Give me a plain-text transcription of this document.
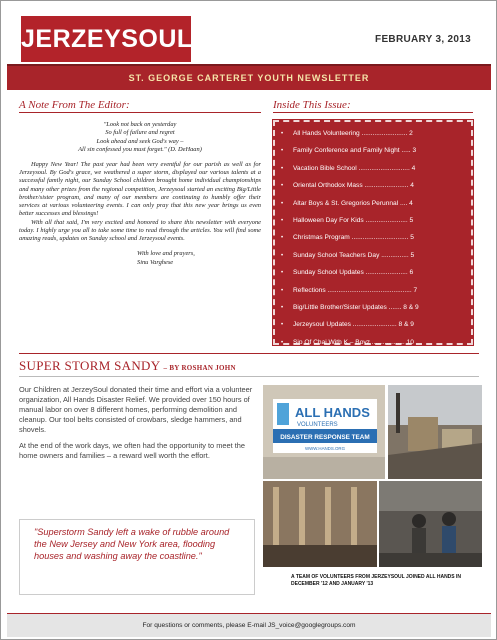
JERZEYSOUL	FEBRUARY 3, 2013
ST. GEORGE CARTERET YOUTH NEWSLETTER
A Note From The Editor:
"Look not back on yesterday
So full of failure and regret
Look ahead and seek God's way –
All sin confessed you must forget." (D. DeHaan)

Happy New Year! The past year had been very eventful for our parish as well as for Jerzeysoul. By God's grace, we weathered a super storm, displayed our various talents at a successful family night, our Sunday School children brought home individual championships and many other prizes from the regional competition, Jerzeysoul started an exciting Big/Little brother/sister program, and many of our members are continuing to humbly offer their services at various volunteering events. I can only pray that this new year brings us even better successes and blessings!

With all that said, I'm very excited and honored to share this newsletter with everyone today. I highly urge you all to take some time to read through the articles. You will find some amazing reads, updates on Sunday school and Jerzeysoul events.

With love and prayers,
Sinu Varghese
Inside This Issue:
•	All Hands Volunteering ......................... 2
•	Family Conference and Family Night ..... 3
•	Vacation Bible School ............................ 4
•	Oriental Orthodox Mass ........................ 4
•	Altar Boys & St. Gregorios Perunnal .... 4
•	Halloween Day For Kids ....................... 5
•	Christmas Program ............................... 5
•	Sunday School Teachers Day ............... 5
•	Sunday School Updates ....................... 6
•	Reflections .............................................. 7
•	Big/Little Brother/Sister Updates ....... 8 & 9
•	Jerzeysoul Updates ........................ 8 & 9
•	Sip Of Chai With K – Boyz .................. 10
SUPER STORM SANDY – BY ROSHAN JOHN

Our Children at JerzeySoul donated their time and effort via a volunteer organization, All Hands Disaster Relief. We provided over 150 hours of manual labor on over 8 different homes, performing demolition and cleanup. Our tool belts consisted of crowbars, sledge hammers, and shovels.

At the end of the work days, we often had the opportunity to meet the home owners and families – a reward well worth the effort.

"Superstorm Sandy left a wake of rubble around the New Jersey and New York area, flooding houses and washing away the coastline."
ALL HANDS
VOLUNTEERS
DISASTER RESPONSE TEAM
WWW.HANDS.ORG
A TEAM OF VOLUNTEERS FROM JERZEYSOUL JOINED ALL HANDS IN DECEMBER '12 AND JANUARY '13
For questions or comments, please E-mail JS_voice@googlegroups.com
